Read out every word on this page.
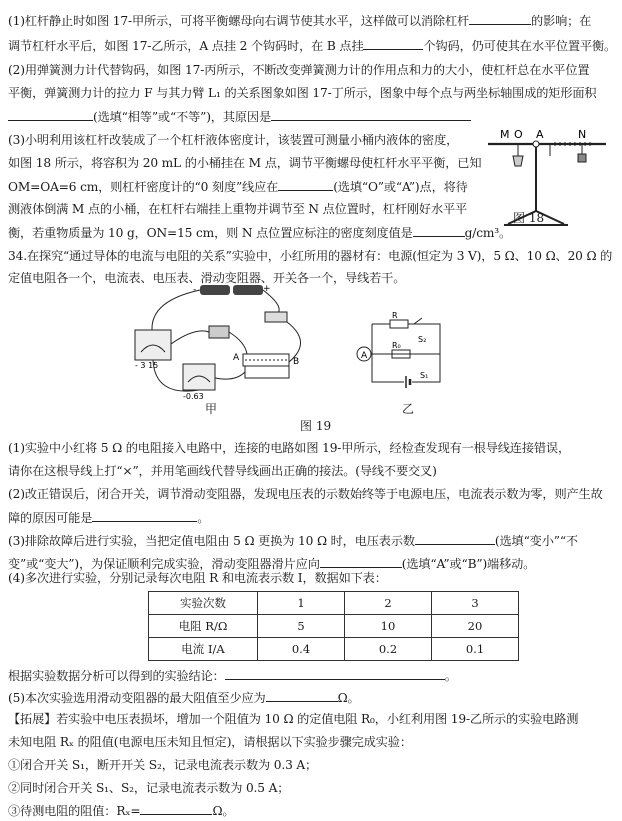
(1)杠杆静止时如图 17-甲所示，可将平衡螺母向右调节使其水平，这样做可以消除杠杆	的影响；在
调节杠杆水平后，如图 17-乙所示，A 点挂 2 个钩码时，在 B 点挂	个钩码，仍可使其在水平位置平衡。
(2)用弹簧测力计代替钩码，如图 17-丙所示，不断改变弹簧测力计的作用点和力的大小，使杠杆总在水平位置
平衡，弹簧测力计的拉力 F 与其力臂 L₁ 的关系图象如图 17-丁所示，图象中每个点与两坐标轴围成的矩形面积
(选填“相等”或“不等”)，其原因是
(3)小明利用该杠杆改装成了一个杠杆液体密度计，该装置可测量小桶内液体的密度，
如图 18 所示，将容积为 20 mL 的小桶挂在 M 点，调节平衡螺母使杠杆水平平衡，已知
OM=OA=6 cm，则杠杆密度计的“0 刻度”线应在	(选填“O”或“A”)点，将待
测液体倒满 M 点的小桶，在杠杆右端挂上重物并调节至 N 点位置时，杠杆刚好水平平
衡，若重物质量为 10 g，ON=15 cm，则 N 点位置应标注的密度刻度值是	g/cm³。
M O A	N
图 18
34.在探究“通过导体的电流与电阻的关系”实验中，小红所用的器材有：电源(恒定为 3 V)，5 Ω、10 Ω、20 Ω 的
定值电阻各一个，电流表、电压表、滑动变阻器、开关各一个，导线若干。
-	+
- 3 15
-0.63
A	B
甲
A
R
R₀
S₂
S₁
乙
图 19
(1)实验中小红将 5 Ω 的电阻接入电路中，连接的电路如图 19-甲所示，经检查发现有一根导线连接错误，
请你在这根导线上打“×”，并用笔画线代替导线画出正确的接法。(导线不要交叉)
(2)改正错误后，闭合开关，调节滑动变阻器，发现电压表的示数始终等于电源电压，电流表示数为零，则产生故
障的原因可能是	。
(3)排除故障后进行实验，当把定值电阻由 5 Ω 更换为 10 Ω 时，电压表示数	(选填“变小”“不
变”或“变大”)，为保证顺利完成实验，滑动变阻器滑片应向	(选填“A”或“B”)端移动。
(4)多次进行实验，分别记录每次电阻 R 和电流表示数 I，数据如下表：
实验次数	1	2	3
电阻 R/Ω	5	10	20
电流 I/A	0.4	0.2	0.1
根据实验数据分析可以得到的实验结论：	。
(5)本次实验选用滑动变阻器的最大阻值至少应为	Ω。
【拓展】若实验中电压表损坏，增加一个阻值为 10 Ω 的定值电阻 R₀，小红利用图 19-乙所示的实验电路测
未知电阻 Rₓ 的阻值(电源电压未知且恒定)，请根据以下实验步骤完成实验：
①闭合开关 S₁，断开开关 S₂，记录电流表示数为 0.3 A；
②同时闭合开关 S₁、S₂，记录电流表示数为 0.5 A；
③待测电阻的阻值：Rₓ=	Ω。
